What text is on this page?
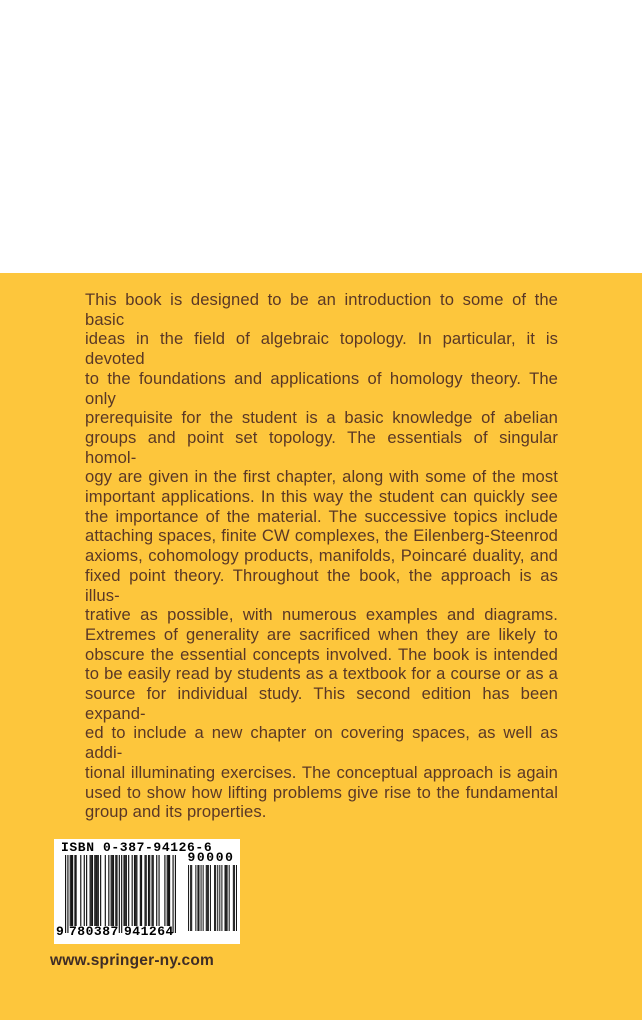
This book is designed to be an introduction to some of the basic
ideas in the field of algebraic topology. In particular, it is devoted
to the foundations and applications of homology theory. The only
prerequisite for the student is a basic knowledge of abelian
groups and point set topology. The essentials of singular homol-
ogy are given in the first chapter, along with some of the most
important applications. In this way the student can quickly see
the importance of the material. The successive topics include
attaching spaces, finite CW complexes, the Eilenberg-Steenrod
axioms, cohomology products, manifolds, Poincaré duality, and
fixed point theory. Throughout the book, the approach is as illus-
trative as possible, with numerous examples and diagrams.
Extremes of generality are sacrificed when they are likely to
obscure the essential concepts involved. The book is intended
to be easily read by students as a textbook for a course or as a
source for individual study. This second edition has been expand-
ed to include a new chapter on covering spaces, as well as addi-
tional illuminating exercises. The conceptual approach is again
used to show how lifting problems give rise to the fundamental
group and its properties.
ISBN 0-387-94126-6
90000
9 780387 941264
www.springer-ny.com
